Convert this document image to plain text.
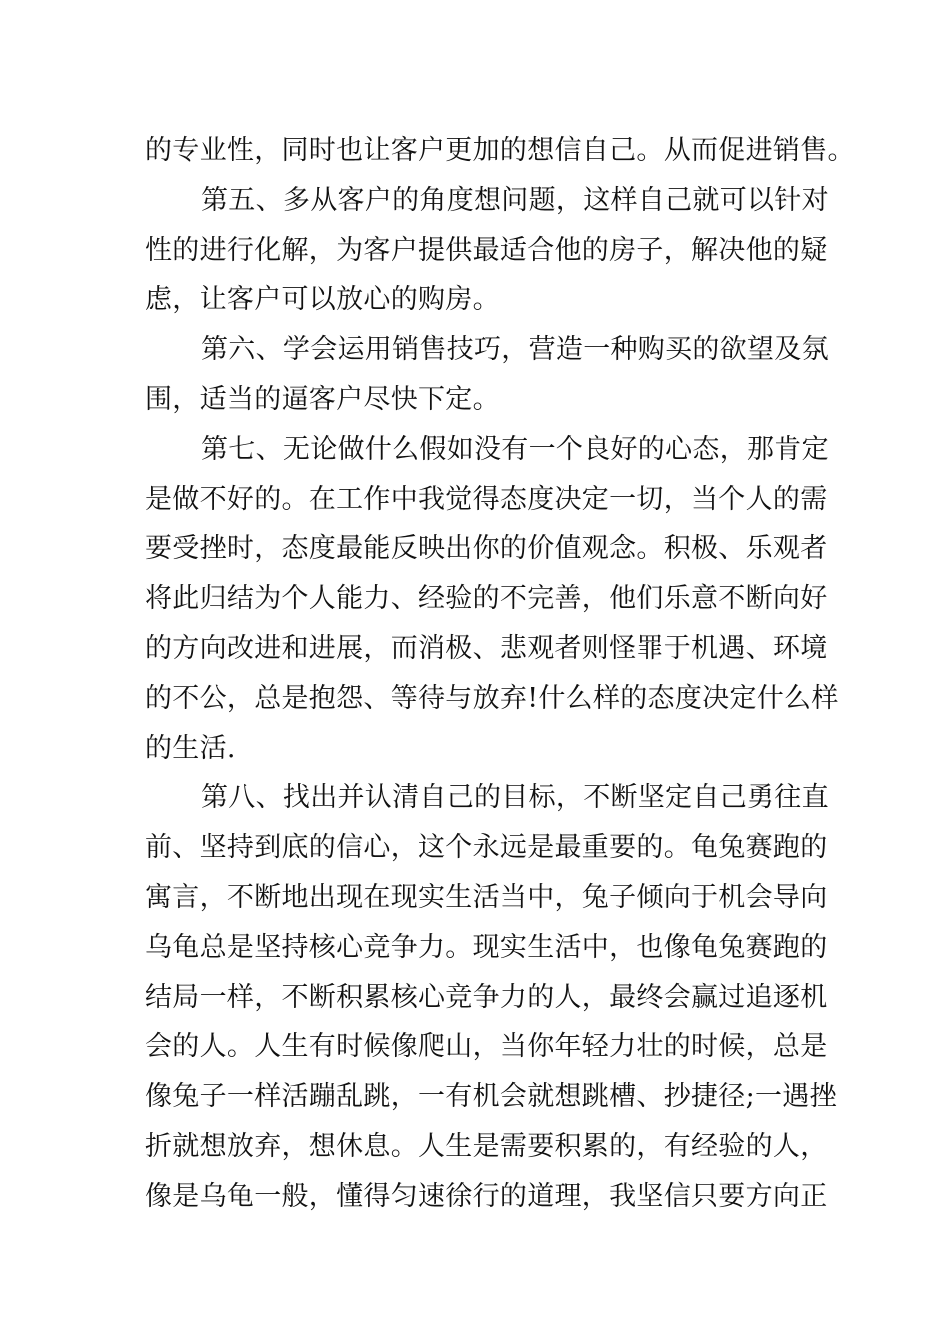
的专业性，同时也让客户更加的想信自己。从而促进销售。
第五、多从客户的角度想问题，这样自己就可以针对
性的进行化解，为客户提供最适合他的房子，解决他的疑
虑，让客户可以放心的购房。
第六、学会运用销售技巧，营造一种购买的欲望及氛
围，适当的逼客户尽快下定。
第七、无论做什么假如没有一个良好的心态，那肯定
是做不好的。在工作中我觉得态度决定一切，当个人的需
要受挫时，态度最能反映出你的价值观念。积极、乐观者
将此归结为个人能力、经验的不完善，他们乐意不断向好
的方向改进和进展，而消极、悲观者则怪罪于机遇、环境
的不公，总是抱怨、等待与放弃!什么样的态度决定什么样
的生活.
第八、找出并认清自己的目标，不断坚定自己勇往直
前、坚持到底的信心，这个永远是最重要的。龟兔赛跑的
寓言，不断地出现在现实生活当中，兔子倾向于机会导向
乌龟总是坚持核心竞争力。现实生活中，也像龟兔赛跑的
结局一样，不断积累核心竞争力的人，最终会赢过追逐机
会的人。人生有时候像爬山，当你年轻力壮的时候，总是
像兔子一样活蹦乱跳，一有机会就想跳槽、抄捷径;一遇挫
折就想放弃，想休息。人生是需要积累的，有经验的人，
像是乌龟一般，懂得匀速徐行的道理，我坚信只要方向正
